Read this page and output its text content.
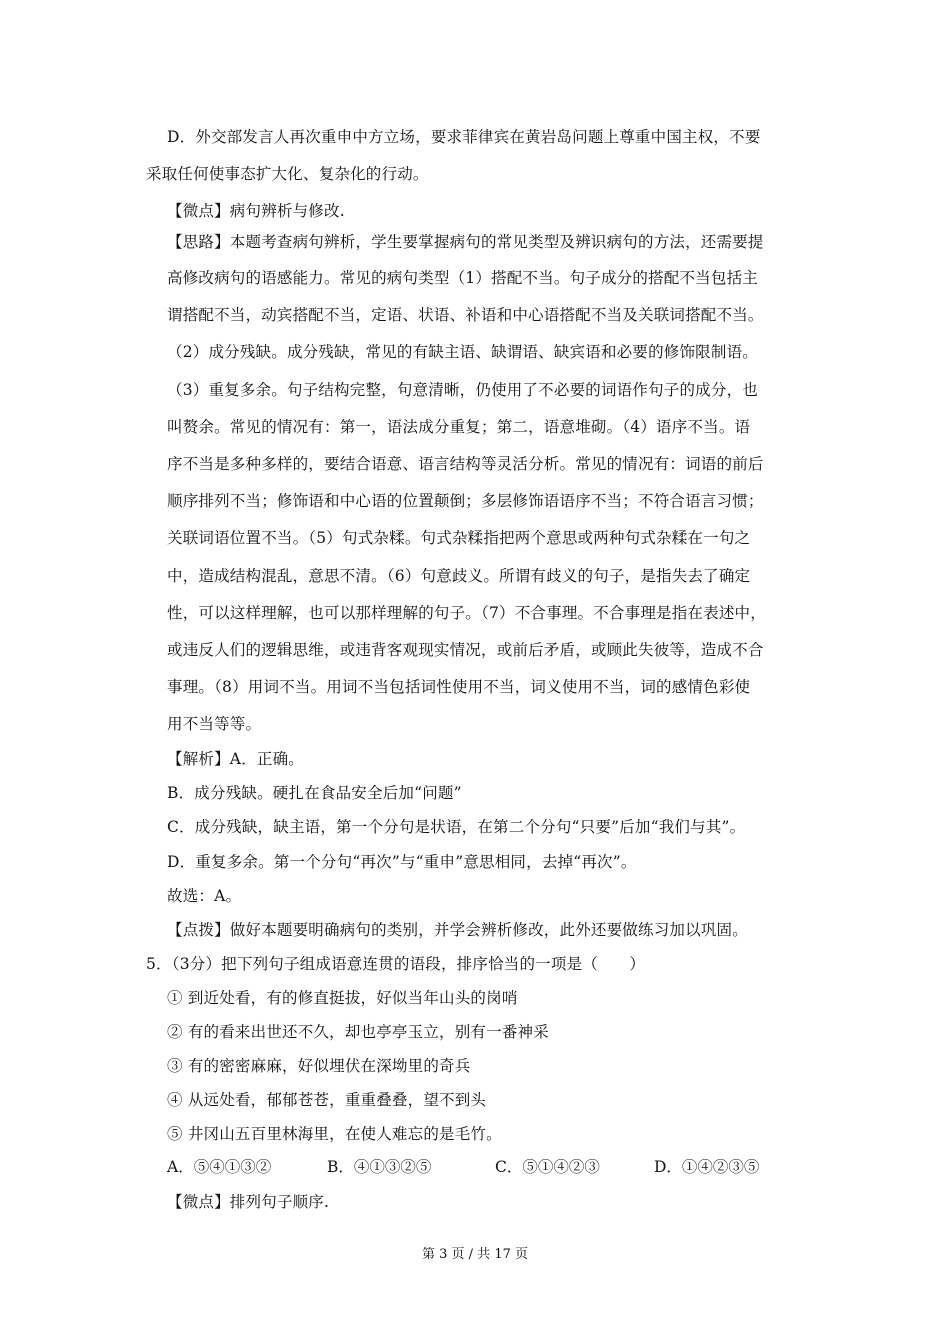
D．外交部发言人再次重申中方立场，要求菲律宾在黄岩岛问题上尊重中国主权，不要
采取任何使事态扩大化、复杂化的行动。
【微点】病句辨析与修改.
【思路】本题考查病句辨析，学生要掌握病句的常见类型及辨识病句的方法，还需要提
高修改病句的语感能力。常见的病句类型（1）搭配不当。句子成分的搭配不当包括主
谓搭配不当，动宾搭配不当，定语、状语、补语和中心语搭配不当及关联词搭配不当。
（2）成分残缺。成分残缺，常见的有缺主语、缺谓语、缺宾语和必要的修饰限制语。
（3）重复多余。句子结构完整，句意清晰，仍使用了不必要的词语作句子的成分，也
叫赘余。常见的情况有：第一，语法成分重复；第二，语意堆砌。（4）语序不当。语
序不当是多种多样的，要结合语意、语言结构等灵活分析。常见的情况有：词语的前后
顺序排列不当；修饰语和中心语的位置颠倒；多层修饰语语序不当；不符合语言习惯；
关联词语位置不当。（5）句式杂糅。句式杂糅指把两个意思或两种句式杂糅在一句之
中，造成结构混乱，意思不清。（6）句意歧义。所谓有歧义的句子，是指失去了确定
性，可以这样理解，也可以那样理解的句子。（7）不合事理。不合事理是指在表述中，
或违反人们的逻辑思维，或违背客观现实情况，或前后矛盾，或顾此失彼等，造成不合
事理。（8）用词不当。用词不当包括词性使用不当，词义使用不当，词的感情色彩使
用不当等等。
【解析】A．正确。
B．成分残缺。硬扎在食品安全后加“问题”
C．成分残缺，缺主语，第一个分句是状语，在第二个分句“只要”后加“我们与其”。
D．重复多余。第一个分句“再次”与“重申”意思相同，去掉“再次”。
故选：A。
【点拨】做好本题要明确病句的类别，并学会辨析修改，此外还要做练习加以巩固。
5．（3分）把下列句子组成语意连贯的语段，排序恰当的一项是（　　）
① 到近处看，有的修直挺拔，好似当年山头的岗哨
② 有的看来出世还不久，却也亭亭玉立，别有一番神采
③ 有的密密麻麻，好似埋伏在深坳里的奇兵
④ 从远处看，郁郁苍苍，重重叠叠，望不到头
⑤ 井冈山五百里林海里，在使人难忘的是毛竹。
A．⑤④①③②	B．④①③②⑤	C．⑤①④②③	D．①④②③⑤
【微点】排列句子顺序.
第 3 页 / 共 17 页
